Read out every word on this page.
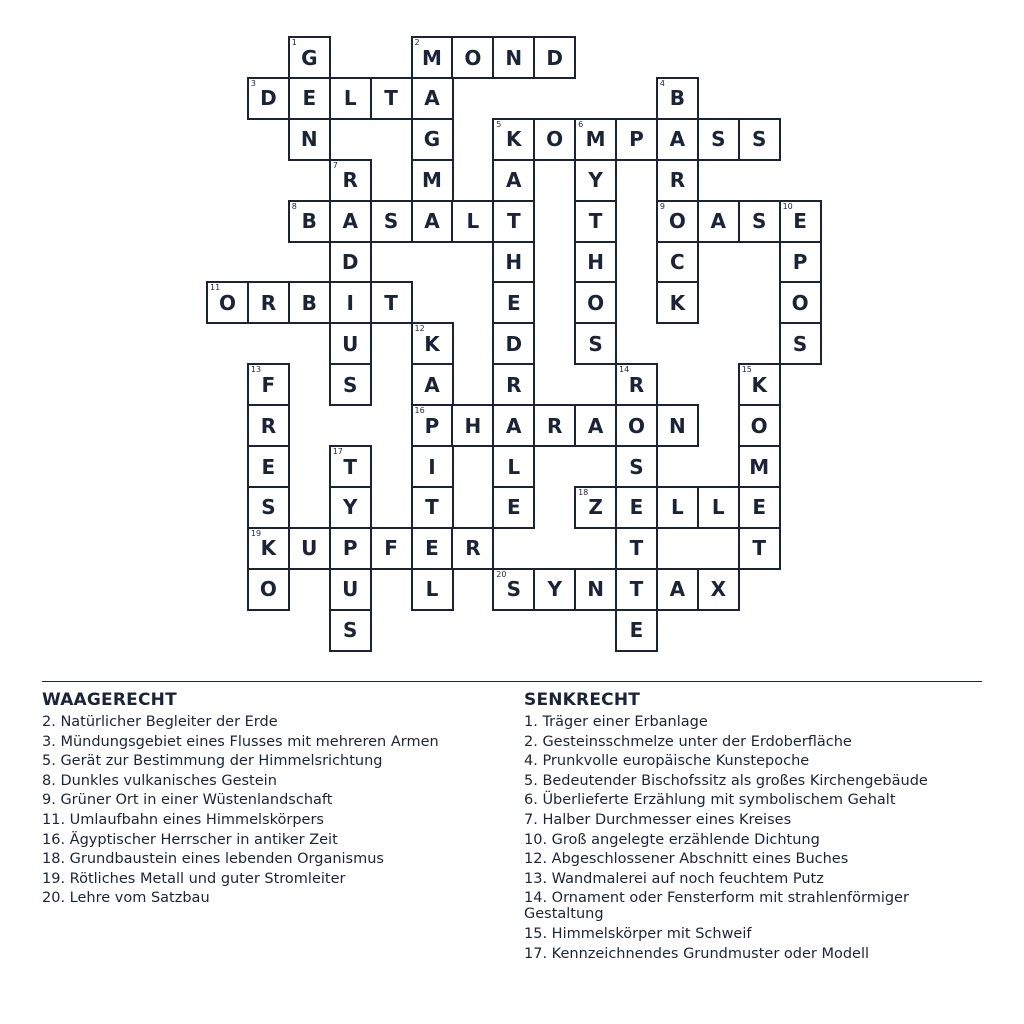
1
G
2
M	O	N	D
3
D	E	L	T	A
4
B
N	G
5
K	O
6
M	P	A	S	S
7
R	M	A	Y	R
8
B	A	S	A	L	T	T
9
O	A	S
10
E
D	H	H	C	P
11
O	R	B	I	T	E	O	K	O
U
12
K	D	S	S
13
F	S	A	R
14
R
15
K
R
16
P	H	A	R	A	O	N	O
E
17
T	I	L	S	M
S	Y	T	E
18
Z	E	L	L	E
19
K	U	P	F	E	R	T	T
O	U	L
20
S	Y	N	T	A	X
S	E
WAAGERECHT
2. Natürlicher Begleiter der Erde
3. Mündungsgebiet eines Flusses mit mehreren Armen
5. Gerät zur Bestimmung der Himmelsrichtung
8. Dunkles vulkanisches Gestein
9. Grüner Ort in einer Wüstenlandschaft
11. Umlaufbahn eines Himmelskörpers
16. Ägyptischer Herrscher in antiker Zeit
18. Grundbaustein eines lebenden Organismus
19. Rötliches Metall und guter Stromleiter
20. Lehre vom Satzbau
SENKRECHT
1. Träger einer Erbanlage
2. Gesteinsschmelze unter der Erdoberfläche
4. Prunkvolle europäische Kunstepoche
5. Bedeutender Bischofssitz als großes Kirchengebäude
6. Überlieferte Erzählung mit symbolischem Gehalt
7. Halber Durchmesser eines Kreises
10. Groß angelegte erzählende Dichtung
12. Abgeschlossener Abschnitt eines Buches
13. Wandmalerei auf noch feuchtem Putz
14. Ornament oder Fensterform mit strahlenförmiger Gestaltung
15. Himmelskörper mit Schweif
17. Kennzeichnendes Grundmuster oder Modell
